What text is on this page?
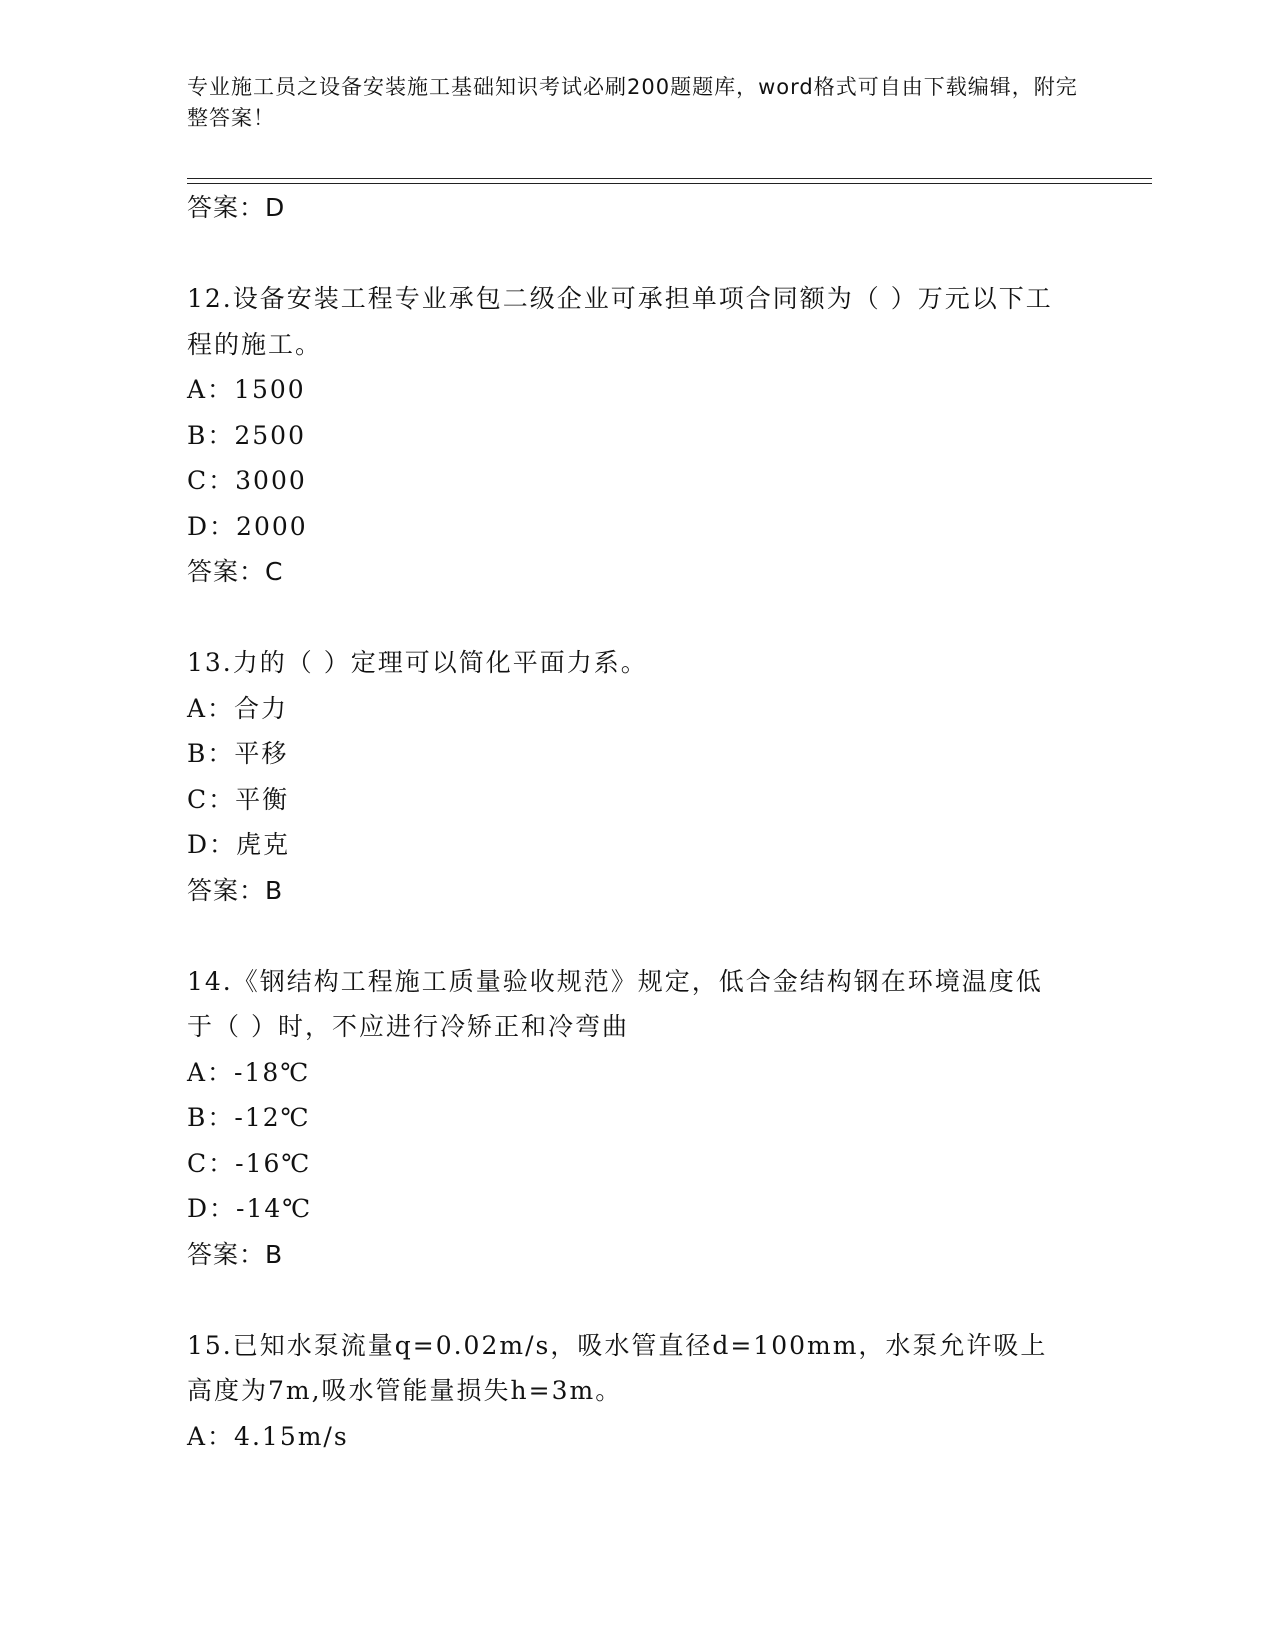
专业施工员之设备安装施工基础知识考试必刷200题题库，word格式可自由下载编辑，附完整答案！
答案：D
12.设备安装工程专业承包二级企业可承担单项合同额为（ ）万元以下工程的施工。
A：1500
B：2500
C：3000
D：2000
答案：C
13.力的（ ）定理可以简化平面力系。
A：合力
B：平移
C：平衡
D：虎克
答案：B
14.《钢结构工程施工质量验收规范》规定，低合金结构钢在环境温度低于（ ）时，不应进行冷矫正和冷弯曲
A：-18℃
B：-12℃
C：-16℃
D：-14℃
答案：B
15.已知水泵流量q=0.02m/s，吸水管直径d=100mm，水泵允许吸上高度为7m,吸水管能量损失h=3m。
A：4.15m/s
